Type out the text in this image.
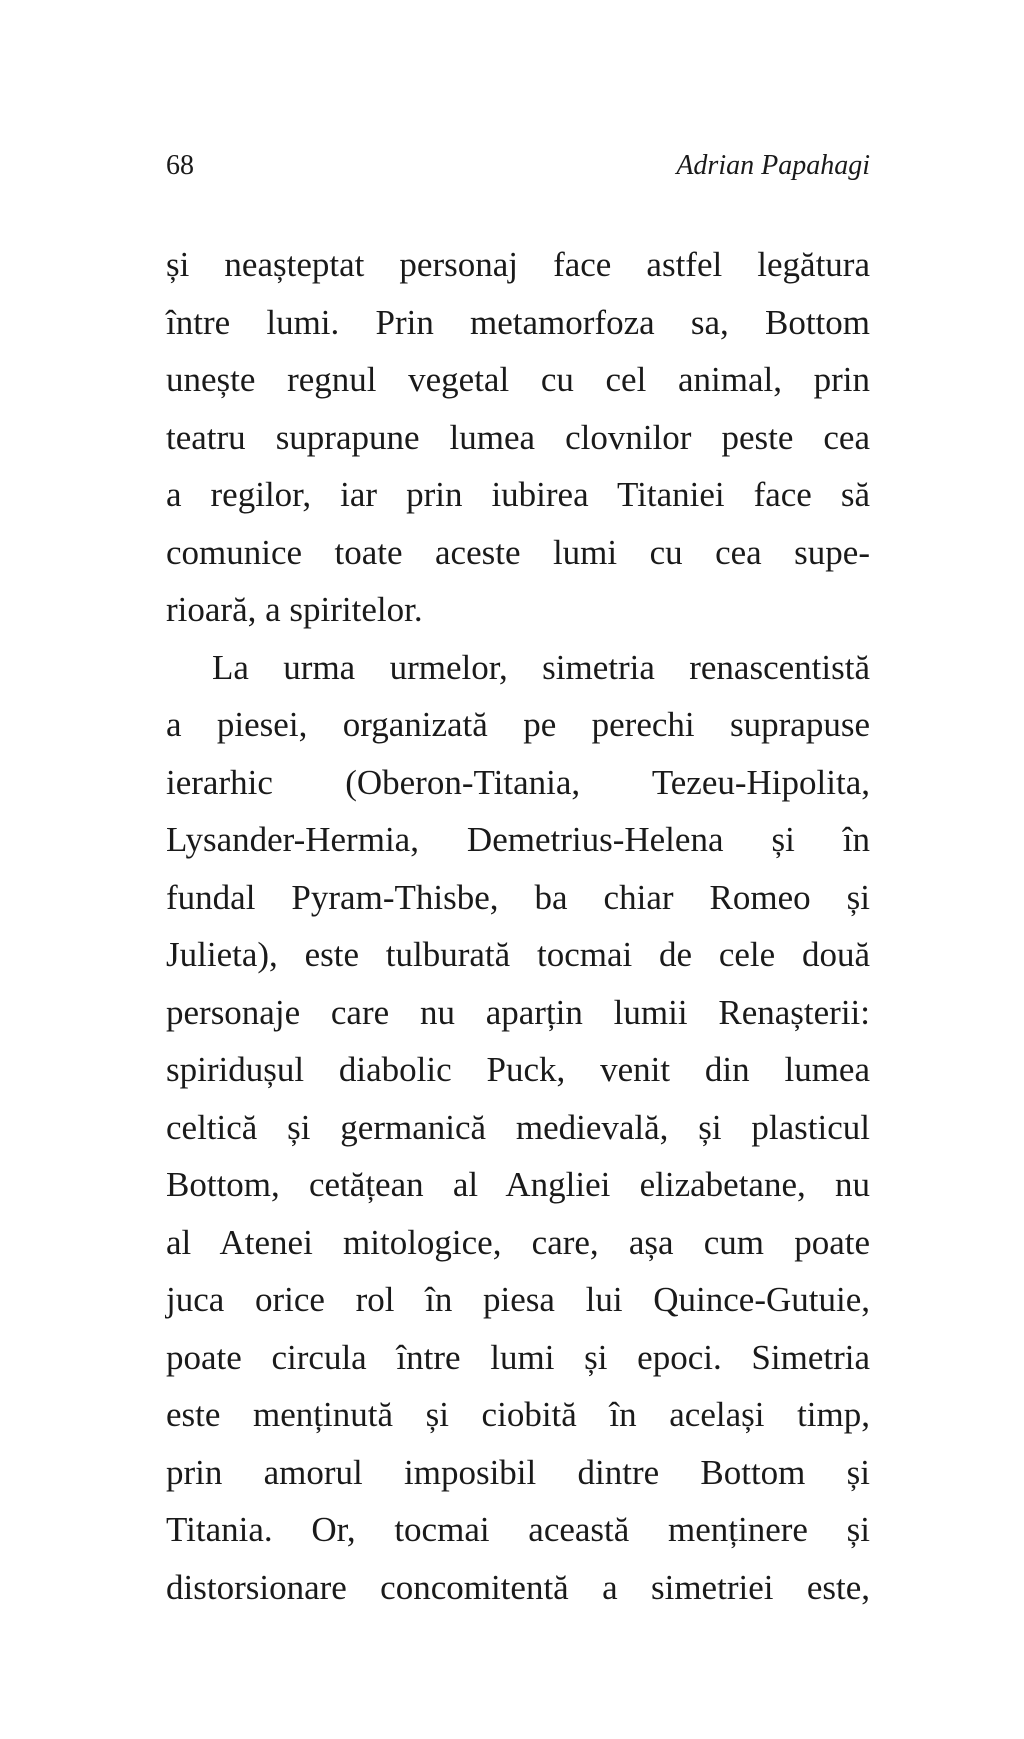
68	Adrian Papahagi

și neașteptat personaj face astfel legătura
între lumi. Prin metamorfoza sa, Bottom
unește regnul vegetal cu cel animal, prin
teatru suprapune lumea clovnilor peste cea
a regilor, iar prin iubirea Titaniei face să
comunice toate aceste lumi cu cea supe-
rioară, a spiritelor.

La urma urmelor, simetria renascentistă
a piesei, organizată pe perechi suprapuse
ierarhic (Oberon-Titania, Tezeu-Hipolita,
Lysander-Hermia, Demetrius-Helena și în
fundal Pyram-Thisbe, ba chiar Romeo și
Julieta), este tulburată tocmai de cele două
personaje care nu aparțin lumii Renașterii:
spiridușul diabolic Puck, venit din lumea
celtică și germanică medievală, și plasticul
Bottom, cetățean al Angliei elizabetane, nu
al Atenei mitologice, care, așa cum poate
juca orice rol în piesa lui Quince-Gutuie,
poate circula între lumi și epoci. Simetria
este menținută și ciobită în același timp,
prin amorul imposibil dintre Bottom și
Titania. Or, tocmai această menținere și
distorsionare concomitentă a simetriei este,
